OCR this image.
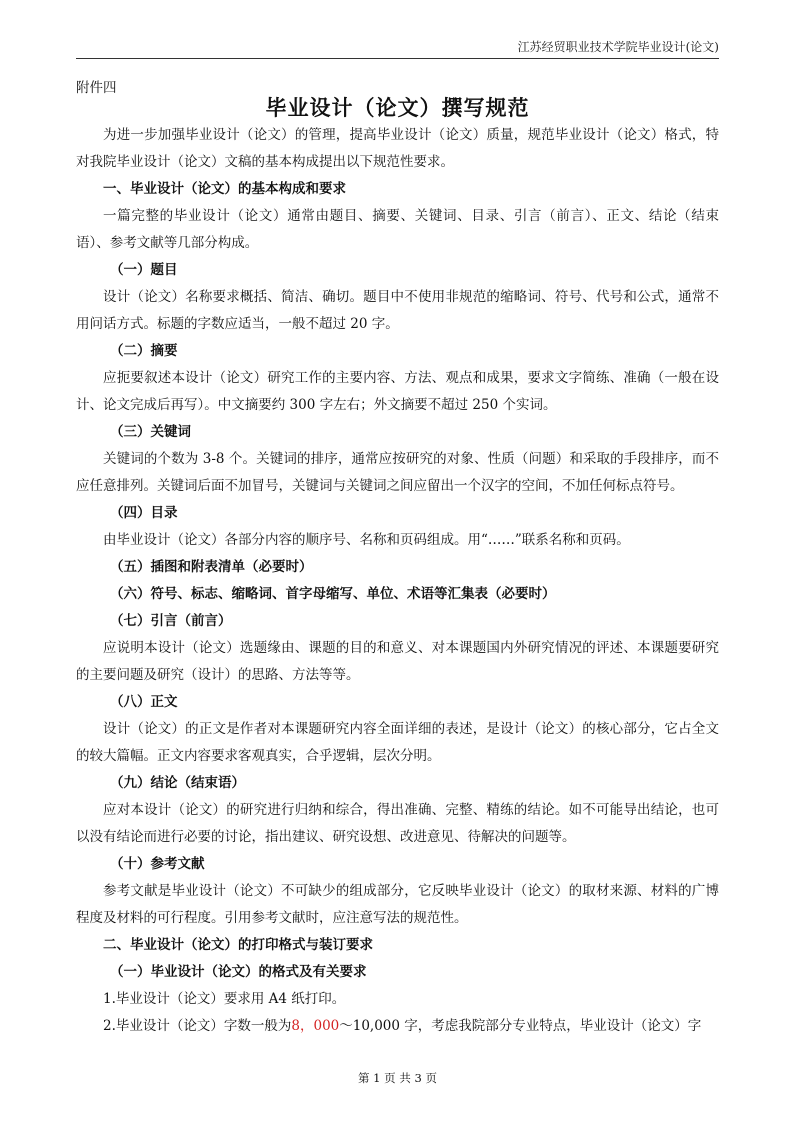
江苏经贸职业技术学院毕业设计(论文)
附件四
毕业设计（论文）撰写规范

为进一步加强毕业设计（论文）的管理，提高毕业设计（论文）质量，规范毕业设计（论文）格式，特对我院毕业设计（论文）文稿的基本构成提出以下规范性要求。

一、毕业设计（论文）的基本构成和要求

一篇完整的毕业设计（论文）通常由题目、摘要、关键词、目录、引言（前言）、正文、结论（结束语）、参考文献等几部分构成。

（一）题目

设计（论文）名称要求概括、简洁、确切。题目中不使用非规范的缩略词、符号、代号和公式，通常不用问话方式。标题的字数应适当，一般不超过 20 字。

（二）摘要

应扼要叙述本设计（论文）研究工作的主要内容、方法、观点和成果，要求文字简练、准确（一般在设计、论文完成后再写）。中文摘要约 300 字左右；外文摘要不超过 250 个实词。

（三）关键词

关键词的个数为 3-8 个。关键词的排序，通常应按研究的对象、性质（问题）和采取的手段排序，而不应任意排列。关键词后面不加冒号，关键词与关键词之间应留出一个汉字的空间，不加任何标点符号。

（四）目录

由毕业设计（论文）各部分内容的顺序号、名称和页码组成。用“……”联系名称和页码。

（五）插图和附表清单（必要时）

（六）符号、标志、缩略词、首字母缩写、单位、术语等汇集表（必要时）

（七）引言（前言）

应说明本设计（论文）选题缘由、课题的目的和意义、对本课题国内外研究情况的评述、本课题要研究的主要问题及研究（设计）的思路、方法等等。

（八）正文

设计（论文）的正文是作者对本课题研究内容全面详细的表述，是设计（论文）的核心部分，它占全文的较大篇幅。正文内容要求客观真实，合乎逻辑，层次分明。

（九）结论（结束语）

应对本设计（论文）的研究进行归纳和综合，得出准确、完整、精练的结论。如不可能导出结论，也可以没有结论而进行必要的讨论，指出建议、研究设想、改进意见、待解决的问题等。

（十）参考文献

参考文献是毕业设计（论文）不可缺少的组成部分，它反映毕业设计（论文）的取材来源、材料的广博程度及材料的可行程度。引用参考文献时，应注意写法的规范性。

二、毕业设计（论文）的打印格式与装订要求

（一）毕业设计（论文）的格式及有关要求

1.毕业设计（论文）要求用 A4 纸打印。

2.毕业设计（论文）字数一般为8，000～10,000 字，考虑我院部分专业特点，毕业设计（论文）字

第 1 页 共 3 页
